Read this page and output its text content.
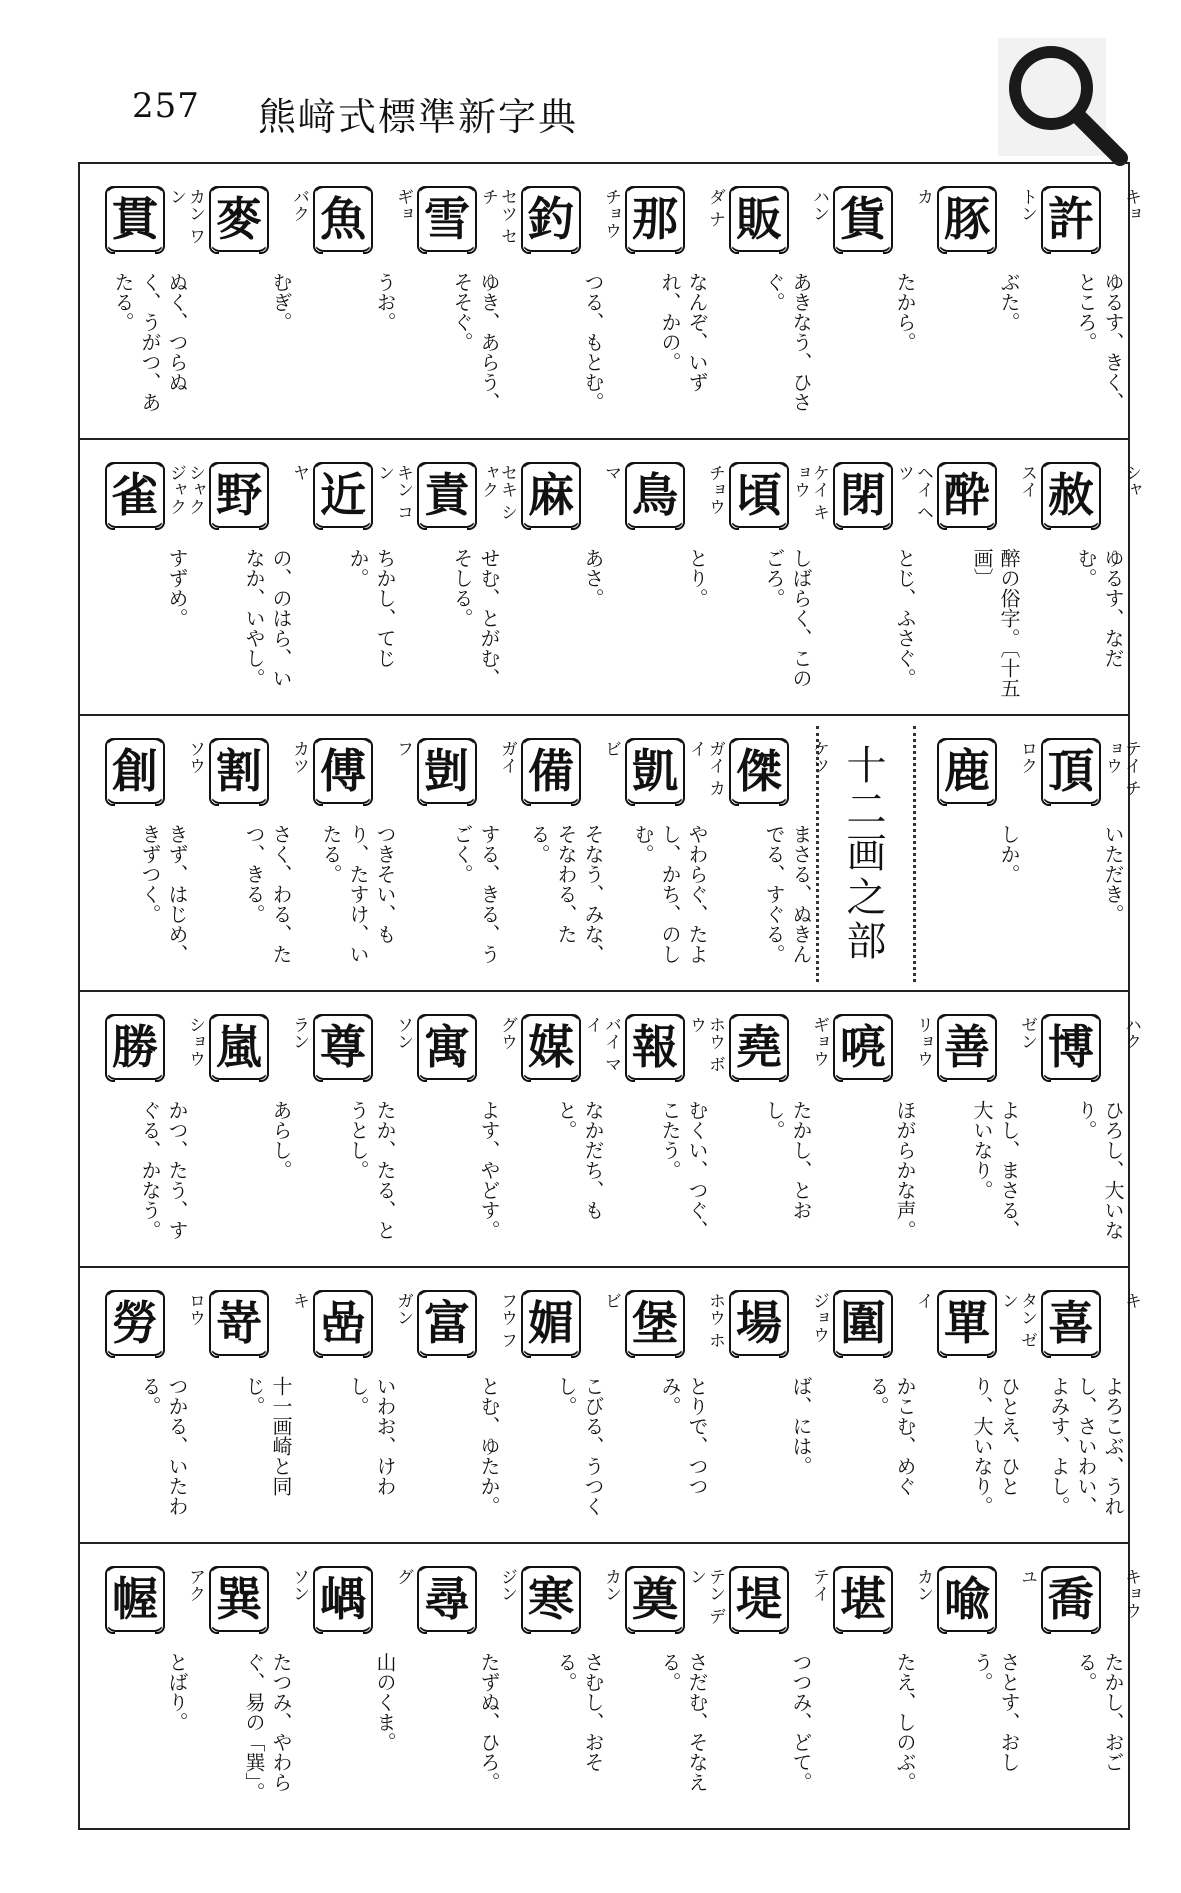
257 熊﨑式標準新字典
許	キョ
ゆるす、きく、ところ。
豚	トン
ぶた。
貨	カ
たから。
販	ハン
あきなう、ひさぐ。
那	ダ ナ
なんぞ、いずれ、かの。
釣	チョウ
つる、もとむ。
雪	セツ セチ
ゆき、あらう、そそぐ。
魚	ギョ
うお。
麥	バク
むぎ。
貫	カン ワン
ぬく、つらぬく、うがつ、あたる。
赦	シャ
ゆるす、なだむ。
酔	スイ
醉の俗字。〔十五画〕
閉	ヘイ ヘツ
とじ、ふさぐ。
頃	ケイ キョウ
しばらく、このごろ。
鳥	チョウ
とり。
麻	マ
あさ。
責	セキ シャク
せむ、とがむ、そしる。
近	キン コン
ちかし、てじか。
野	ヤ
の、のはら、いなか、いやし。
雀	シャク ジャク
すずめ。
頂	テイ チョウ
いただき。
鹿	ロク
しか。
十二画之部
傑	ケツ
まさる、ぬきんでる、すぐる。
凱	ガイ カイ
やわらぐ、たよし、かち、のしむ。
備	ビ
そなう、みな、そなわる、たる。
剴	ガイ
する、きる、うごく。
傅	フ
つきそい、もり、たすけ、いたる。
割	カツ
さく、わる、たつ、きる。
創	ソウ
きず、はじめ、きずつく。
博	ハク
ひろし、大いなり。
善	ゼン
よし、まさる、大いなり。
喨	リョウ
ほがらかな声。
堯	ギョウ
たかし、とおし。
報	ホウ ボウ
むくい、つぐ、こたう。
媒	バイ マイ
なかだち、もと。
寓	グウ
よす、やどす。
尊	ソン
たか、たる、とうとし。
嵐	ラン
あらし。
勝	ショウ
かつ、たう、すぐる、かなう。
喜	キ
よろこぶ、うれし、さいわい、よみす、よし。
單	タン ゼン
ひとえ、ひとり、大いなり。
圍	イ
かこむ、めぐる。
場	ジョウ
ば、には。
堡	ホウ ホ
とりで、つつみ。
媚	ビ
こびる、うつくし。
富	フウ フ
とむ、ゆたか。
嵒	ガン
いわお、けわし。
嵜	キ
十一画崎と同じ。
勞	ロウ
つかる、いたわる。
喬	キョウ
たかし、おごる。
喩	ユ
さとす、おしう。
堪	カン
たえ、しのぶ。
堤	テイ
つつみ、どて。
奠	テン デン
さだむ、そなえる。
寒	カン
さむし、おそる。
尋	ジン
たずぬ、ひろ。
嵎	グ
山のくま。
巽	ソン
たつみ、やわらぐ、易の「巽」。
幄	アク
とばり。
